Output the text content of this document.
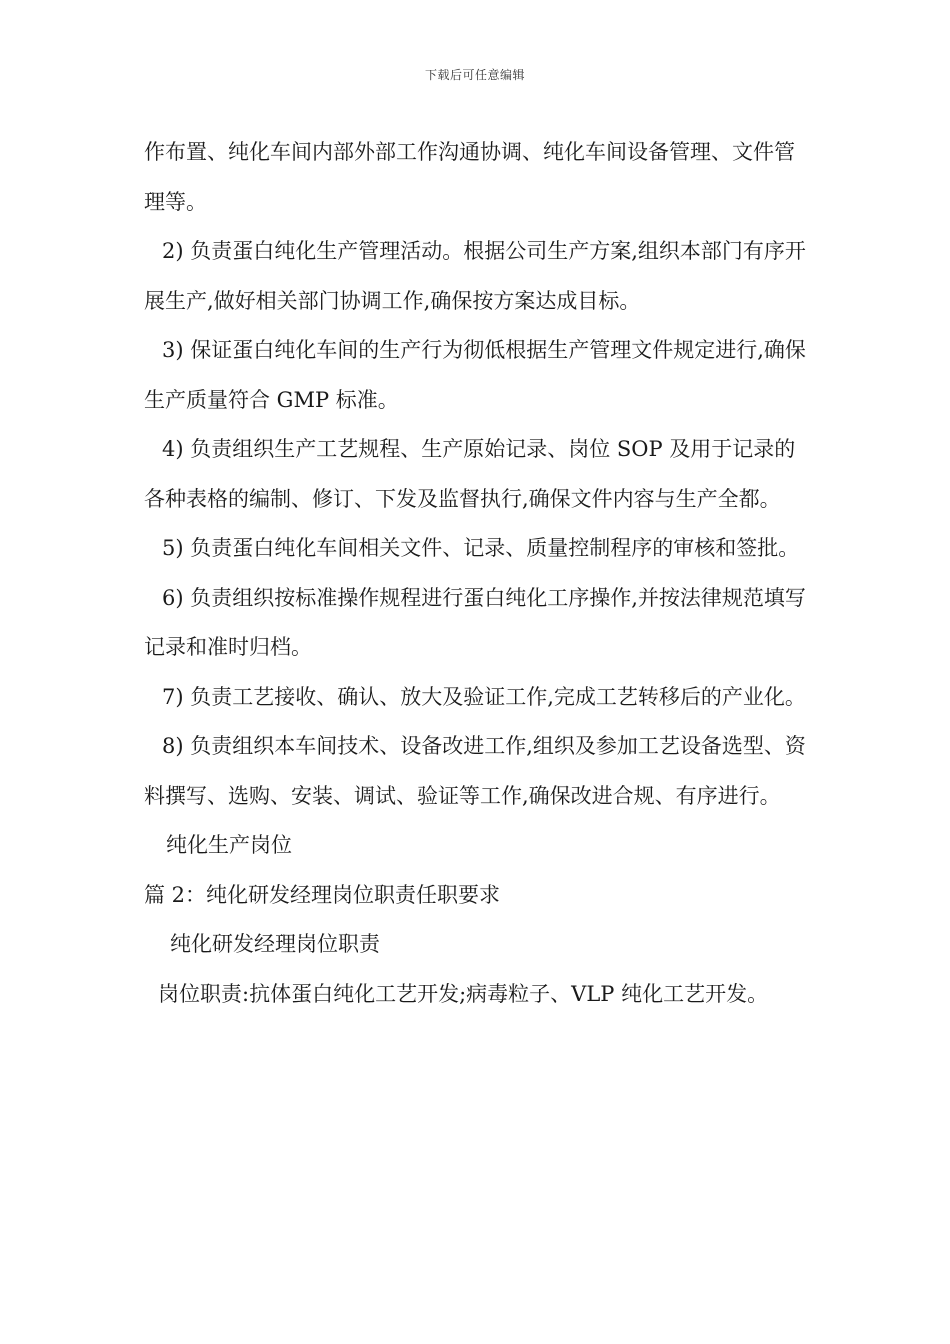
下载后可任意编辑

作布置、纯化车间内部外部工作沟通协调、纯化车间设备管理、文件管理等。

2) 负责蛋白纯化生产管理活动。根据公司生产方案,组织本部门有序开展生产,做好相关部门协调工作,确保按方案达成目标。

3) 保证蛋白纯化车间的生产行为彻低根据生产管理文件规定进行,确保生产质量符合 GMP 标准。

4) 负责组织生产工艺规程、生产原始记录、岗位 SOP 及用于记录的各种表格的编制、修订、下发及监督执行,确保文件内容与生产全都。

5) 负责蛋白纯化车间相关文件、记录、质量控制程序的审核和签批。

6) 负责组织按标准操作规程进行蛋白纯化工序操作,并按法律规范填写记录和准时归档。

7) 负责工艺接收、确认、放大及验证工作,完成工艺转移后的产业化。

8) 负责组织本车间技术、设备改进工作,组织及参加工艺设备选型、资料撰写、选购、安装、调试、验证等工作,确保改进合规、有序进行。

纯化生产岗位

篇 2：纯化研发经理岗位职责任职要求

纯化研发经理岗位职责

岗位职责:抗体蛋白纯化工艺开发;病毒粒子、VLP 纯化工艺开发。
